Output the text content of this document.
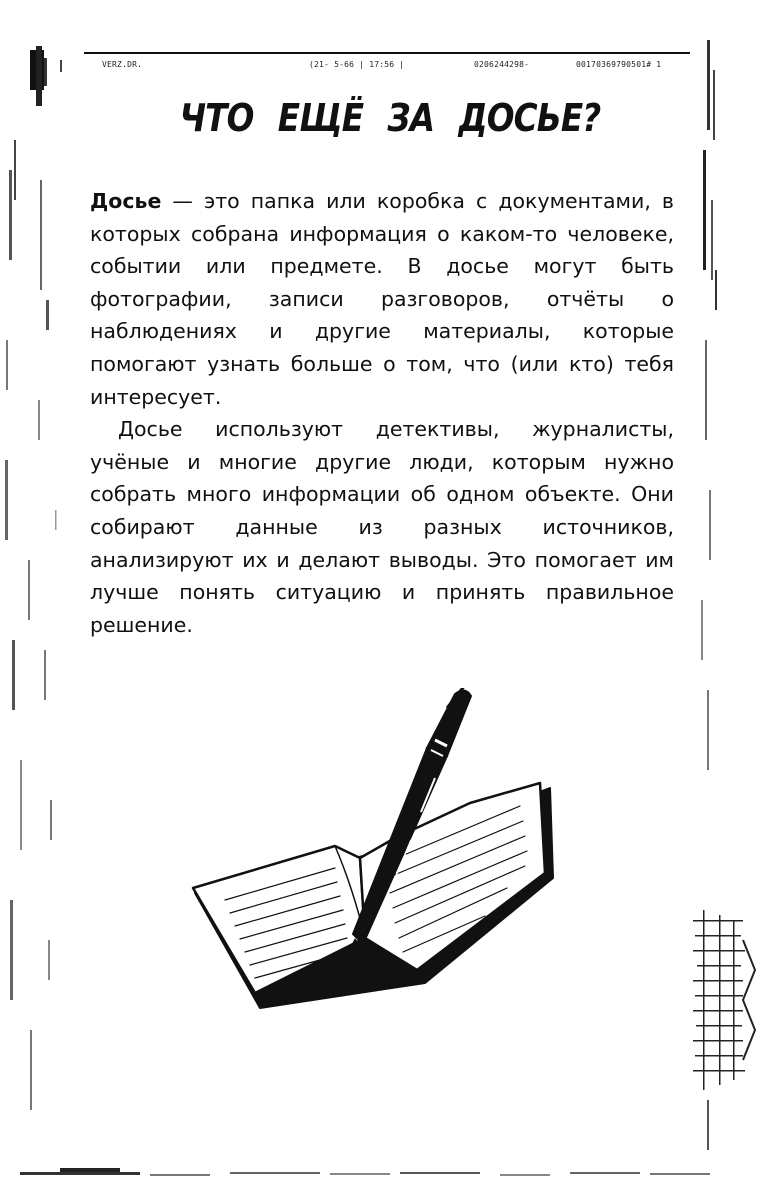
VERZ.DR.	(21- 5-66 | 17:56 |	0206244298-	00170369790501# 1
ЧТО ЕЩЁ ЗА ДОСЬЕ?

Досье — это папка или коробка с документами, в которых собрана информация о каком-то человеке, событии или предмете. В досье могут быть фотографии, записи разговоров, отчёты о наблюдениях и другие материалы, которые помогают узнать больше о том, что (или кто) тебя интересует.

Досье используют детективы, журналисты, учёные и многие другие люди, которым нужно собрать много информации об одном объекте. Они собирают данные из разных источников, анализируют их и делают выводы. Это помогает им лучше понять ситуацию и принять правильное решение.
